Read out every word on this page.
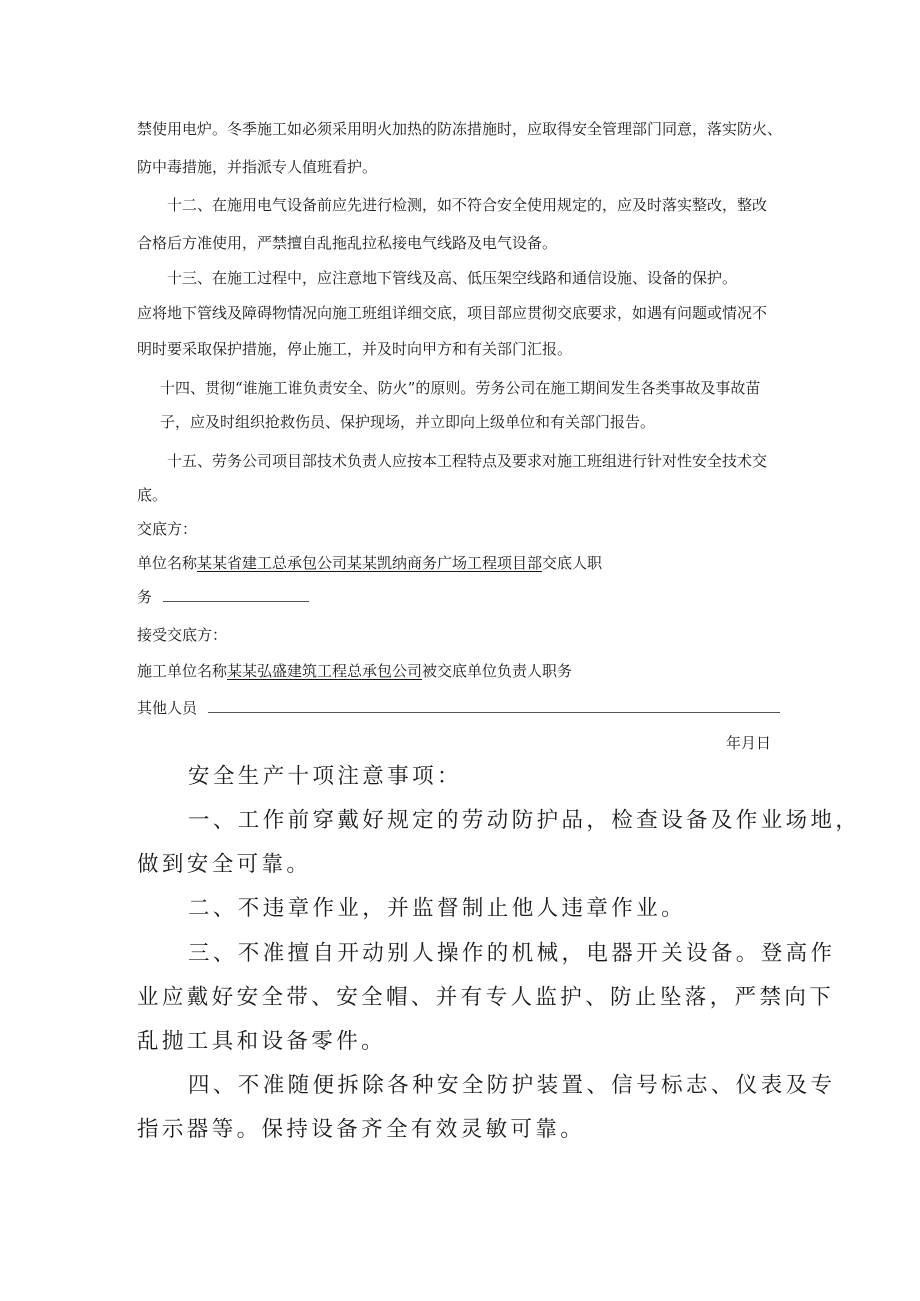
禁使用电炉。冬季施工如必须采用明火加热的防冻措施时，应取得安全管理部门同意，落实防火、
防中毒措施，并指派专人值班看护。
十二、在施用电气设备前应先进行检测，如不符合安全使用规定的，应及时落实整改，整改
合格后方准使用，严禁擅自乱拖乱拉私接电气线路及电气设备。
十三、在施工过程中，应注意地下管线及高、低压架空线路和通信设施、设备的保护。
应将地下管线及障碍物情况向施工班组详细交底，项目部应贯彻交底要求，如遇有问题或情况不
明时要采取保护措施，停止施工，并及时向甲方和有关部门汇报。
十四、贯彻“谁施工谁负责安全、防火”的原则。劳务公司在施工期间发生各类事故及事故苗
子，应及时组织抢救伤员、保护现场，并立即向上级单位和有关部门报告。
十五、劳务公司项目部技术负责人应按本工程特点及要求对施工班组进行针对性安全技术交
底。
交底方：
单位名称某某省建工总承包公司某某凯纳商务广场工程项目部交底人职
务
接受交底方：
施工单位名称某某弘盛建筑工程总承包公司被交底单位负责人职务
其他人员
年月日
安全生产十项注意事项：
一、工作前穿戴好规定的劳动防护品，检查设备及作业场地，
做到安全可靠。
二、不违章作业，并监督制止他人违章作业。
三、不准擅自开动别人操作的机械，电器开关设备。登高作
业应戴好安全带、安全帽、并有专人监护、防止坠落，严禁向下
乱抛工具和设备零件。
四、不准随便拆除各种安全防护装置、信号标志、仪表及专
指示器等。保持设备齐全有效灵敏可靠。
